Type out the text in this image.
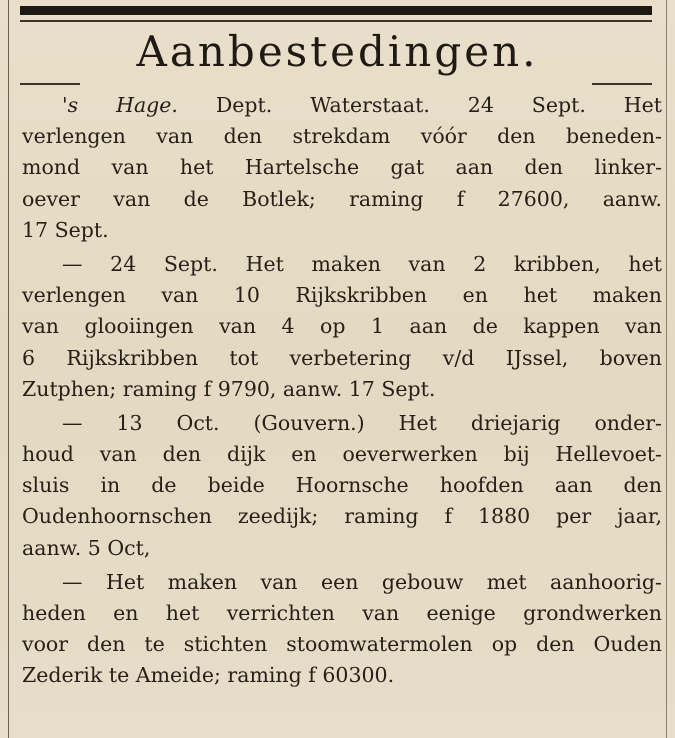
Aanbestedingen.
's Hage. Dept. Waterstaat. 24 Sept. Het
verlengen van den strekdam vóór den beneden-
mond van het Hartelsche gat aan den linker-
oever van de Botlek; raming f 27600, aanw.
17 Sept.
— 24 Sept. Het maken van 2 kribben, het
verlengen van 10 Rijkskribben en het maken
van glooiingen van 4 op 1 aan de kappen van
6 Rijkskribben tot verbetering v/d IJssel, boven
Zutphen; raming f 9790, aanw. 17 Sept.
— 13 Oct. (Gouvern.) Het driejarig onder-
houd van den dijk en oeverwerken bij Hellevoet-
sluis in de beide Hoornsche hoofden aan den
Oudenhoornschen zeedijk; raming f 1880 per jaar,
aanw. 5 Oct,
— Het maken van een gebouw met aanhoorig-
heden en het verrichten van eenige grondwerken
voor den te stichten stoomwatermolen op den Ouden
Zederik te Ameide; raming f 60300.
